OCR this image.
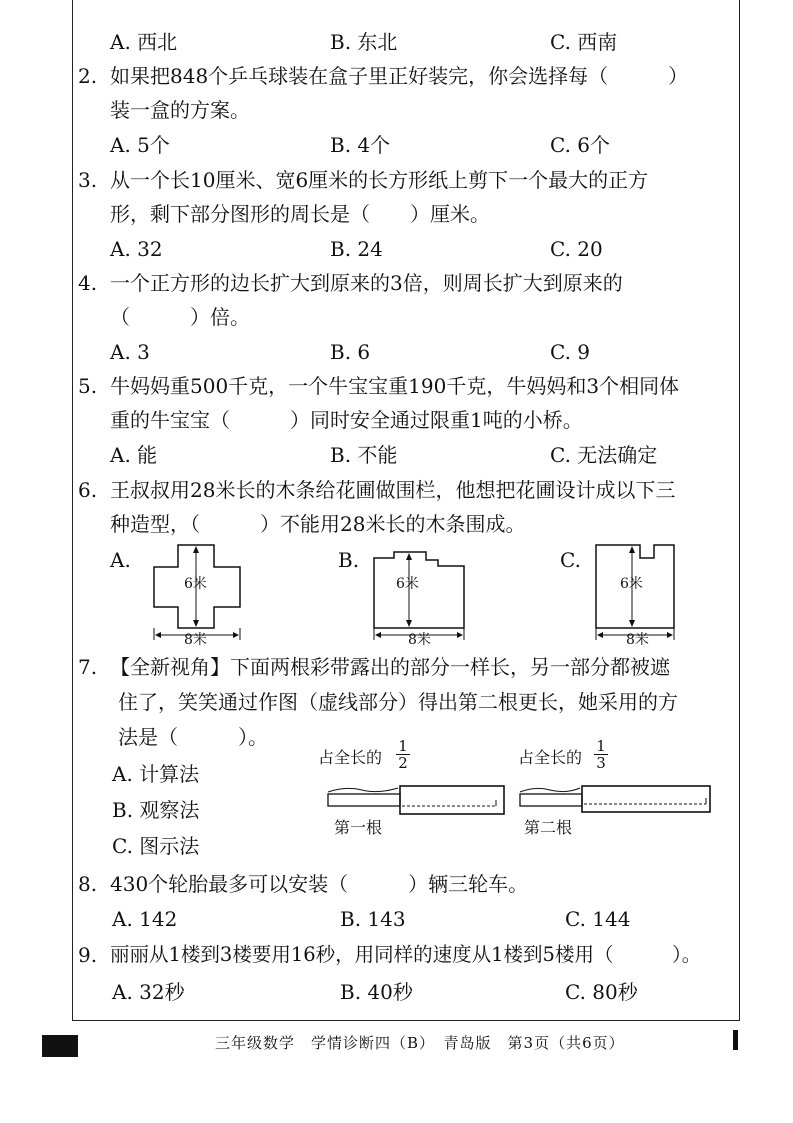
A. 西北	B. 东北	C. 西南
2. 如果把848个乒乓球装在盒子里正好装完，你会选择每（　　　）
装一盒的方案。
A. 5个	B. 4个	C. 6个
3. 从一个长10厘米、宽6厘米的长方形纸上剪下一个最大的正方
形，剩下部分图形的周长是（　　）厘米。
A. 32	B. 24	C. 20
4. 一个正方形的边长扩大到原来的3倍，则周长扩大到原来的
（　　　）倍。
A. 3	B. 6	C. 9
5. 牛妈妈重500千克，一个牛宝宝重190千克，牛妈妈和3个相同体
重的牛宝宝（　　　）同时安全通过限重1吨的小桥。
A. 能	B. 不能	C. 无法确定
6. 王叔叔用28米长的木条给花圃做围栏，他想把花圃设计成以下三
种造型，（　　　）不能用28米长的木条围成。
A.	B.	C.
6米
8米
6米
8米
6米
8米
7. 【全新视角】下面两根彩带露出的部分一样长，另一部分都被遮
住了，笑笑通过作图（虚线部分）得出第二根更长，她采用的方
法是（　　　）。
A. 计算法
B. 观察法
C. 图示法
占全长的 $\frac{1}{2}$
第一根
占全长的 $\frac{1}{3}$
第二根
8. 430个轮胎最多可以安装（　　　）辆三轮车。
A. 142	B. 143	C. 144
9. 丽丽从1楼到3楼要用16秒，用同样的速度从1楼到5楼用（　　　）。
A. 32秒	B. 40秒	C. 80秒
三年级数学　学情诊断四（B）　青岛版　第3页（共6页）
